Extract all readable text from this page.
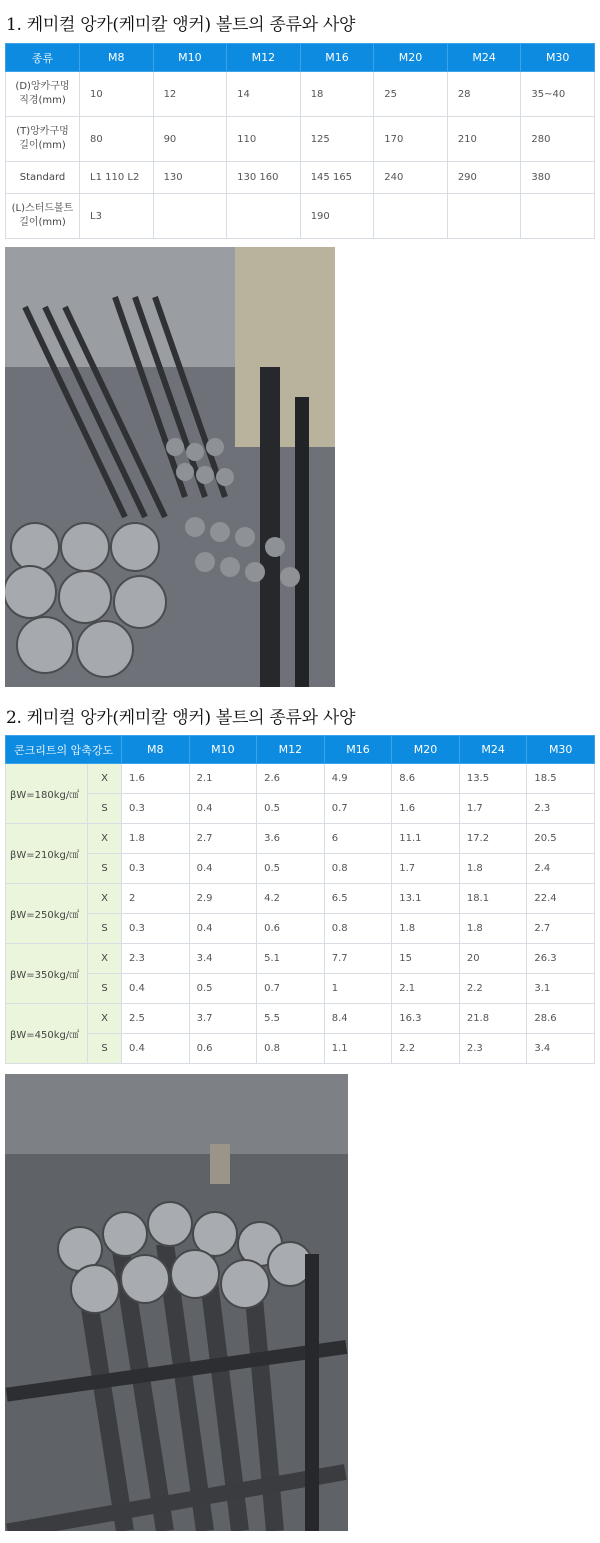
1. 케미컬 앙카(케미칼 앵커) 볼트의 종류와 사양
종류	M8	M10	M12	M16	M20	M24	M30
(D)앙카구멍 직경(mm)	10	12	14	18	25	28	35~40
(T)앙카구멍 길이(mm)	80	90	110	125	170	210	280
Standard	L1 110 L2	130	130 160	145 165	240	290	380
(L)스터드볼트 길이(mm)	L3			190			
2. 케미컬 앙카(케미칼 앵커) 볼트의 종류와 사양
콘크리트의 압축강도		M8	M10	M12	M16	M20	M24	M30
βW=180kg/㎠	X	1.6	2.1	2.6	4.9	8.6	13.5	18.5
	S	0.3	0.4	0.5	0.7	1.6	1.7	2.3
βW=210kg/㎠	X	1.8	2.7	3.6	6	11.1	17.2	20.5
	S	0.3	0.4	0.5	0.8	1.7	1.8	2.4
βW=250kg/㎠	X	2	2.9	4.2	6.5	13.1	18.1	22.4
	S	0.3	0.4	0.6	0.8	1.8	1.8	2.7
βW=350kg/㎠	X	2.3	3.4	5.1	7.7	15	20	26.3
	S	0.4	0.5	0.7	1	2.1	2.2	3.1
βW=450kg/㎠	X	2.5	3.7	5.5	8.4	16.3	21.8	28.6
	S	0.4	0.6	0.8	1.1	2.2	2.3	3.4
